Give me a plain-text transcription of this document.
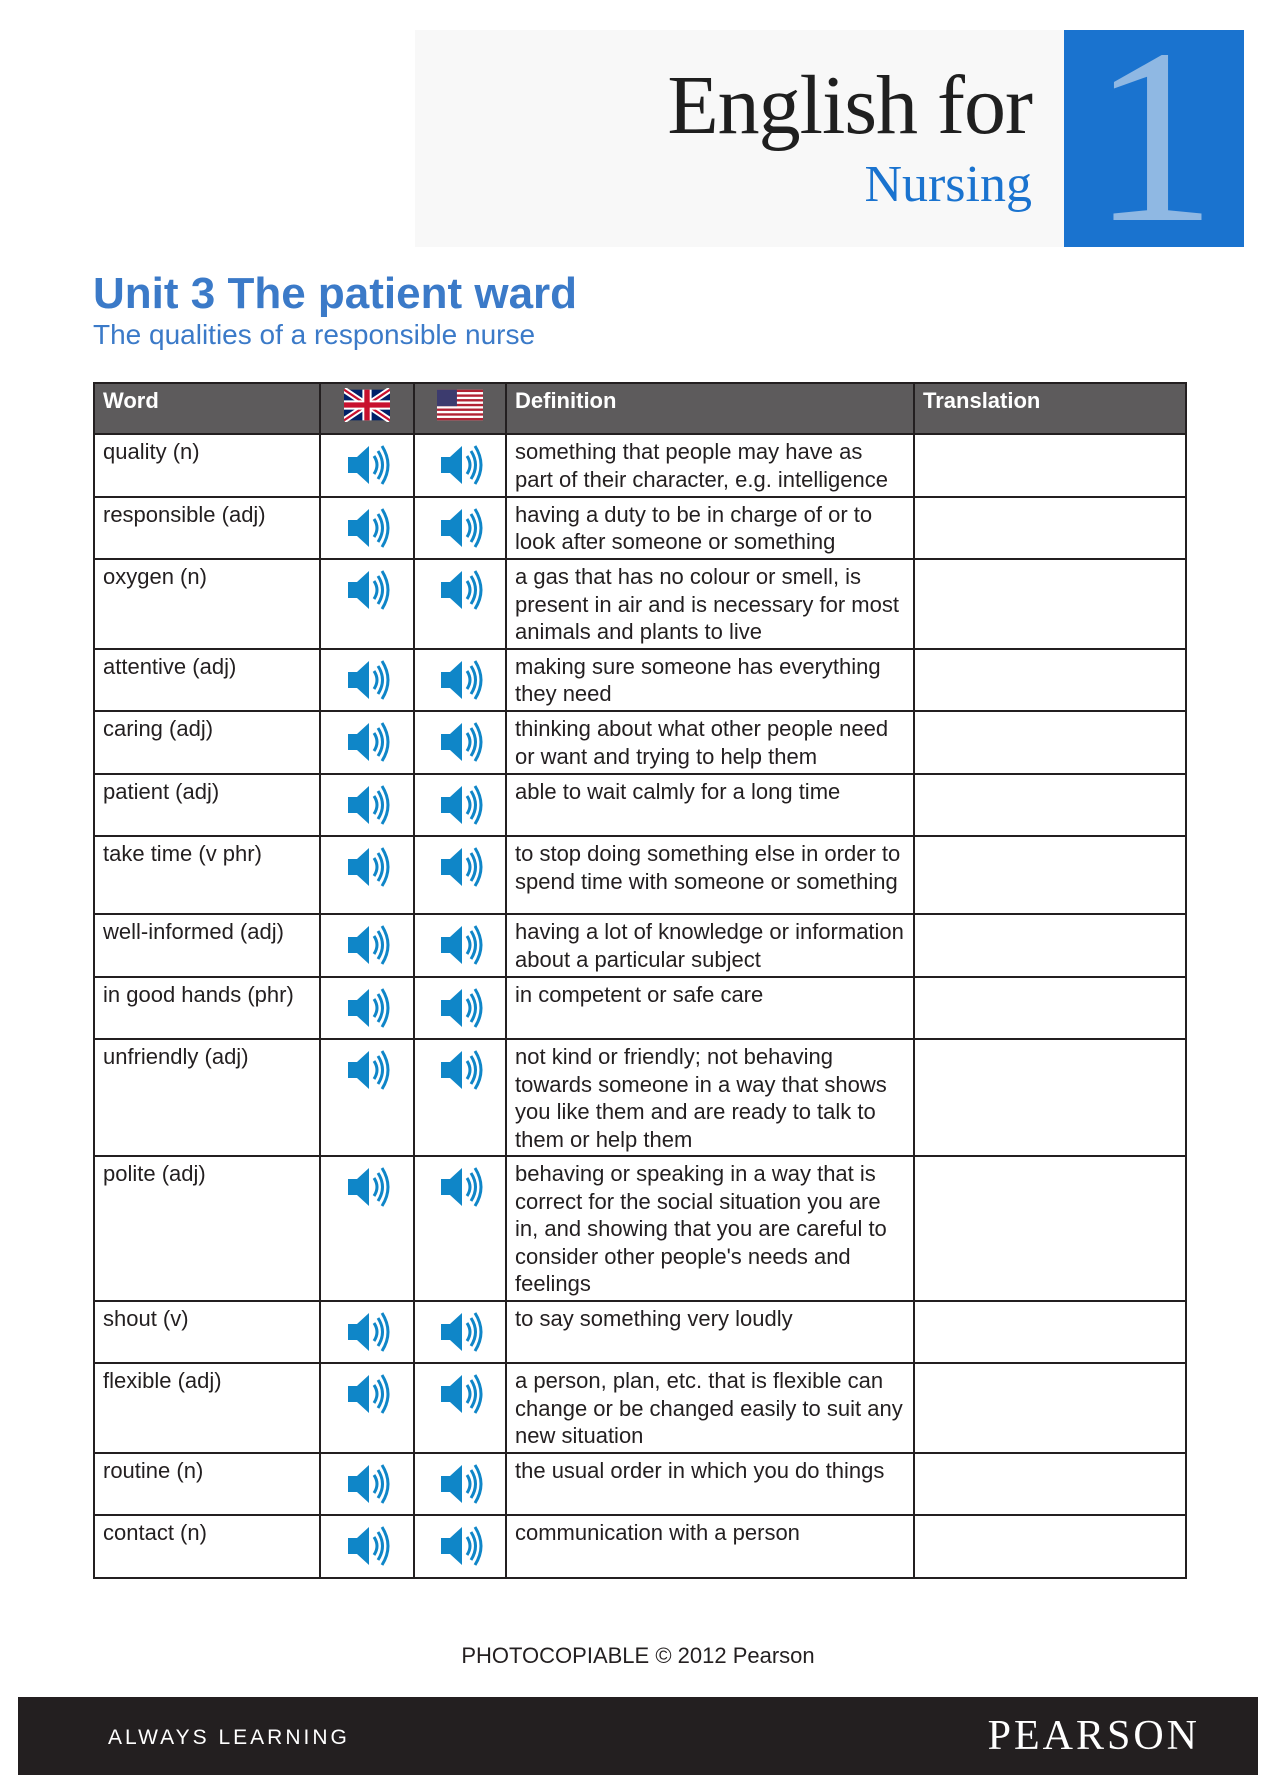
English for
Nursing 1
Unit 3 The patient ward
The qualities of a responsible nurse
Word			Definition	Translation
quality (n)			something that people may have as part of their character, e.g. intelligence	
responsible (adj)			having a duty to be in charge of or to look after someone or something	
oxygen (n)			a gas that has no colour or smell, is present in air and is necessary for most animals and plants to live	
attentive (adj)			making sure someone has everything they need	
caring (adj)			thinking about what other people need or want and trying to help them	
patient (adj)			able to wait calmly for a long time	
take time (v phr)			to stop doing something else in order to spend time with someone or something	
well-informed (adj)			having a lot of knowledge or information about a particular subject	
in good hands (phr)			in competent or safe care	
unfriendly (adj)			not kind or friendly; not behaving towards someone in a way that shows you like them and are ready to talk to them or help them	
polite (adj)			behaving or speaking in a way that is correct for the social situation you are in, and showing that you are careful to consider other people's needs and feelings	
shout (v)			to say something very loudly	
flexible (adj)			a person, plan, etc. that is flexible can change or be changed easily to suit any new situation	
routine (n)			the usual order in which you do things	
contact (n)			communication with a person	
PHOTOCOPIABLE © 2012 Pearson
ALWAYS LEARNING	PEARSON
